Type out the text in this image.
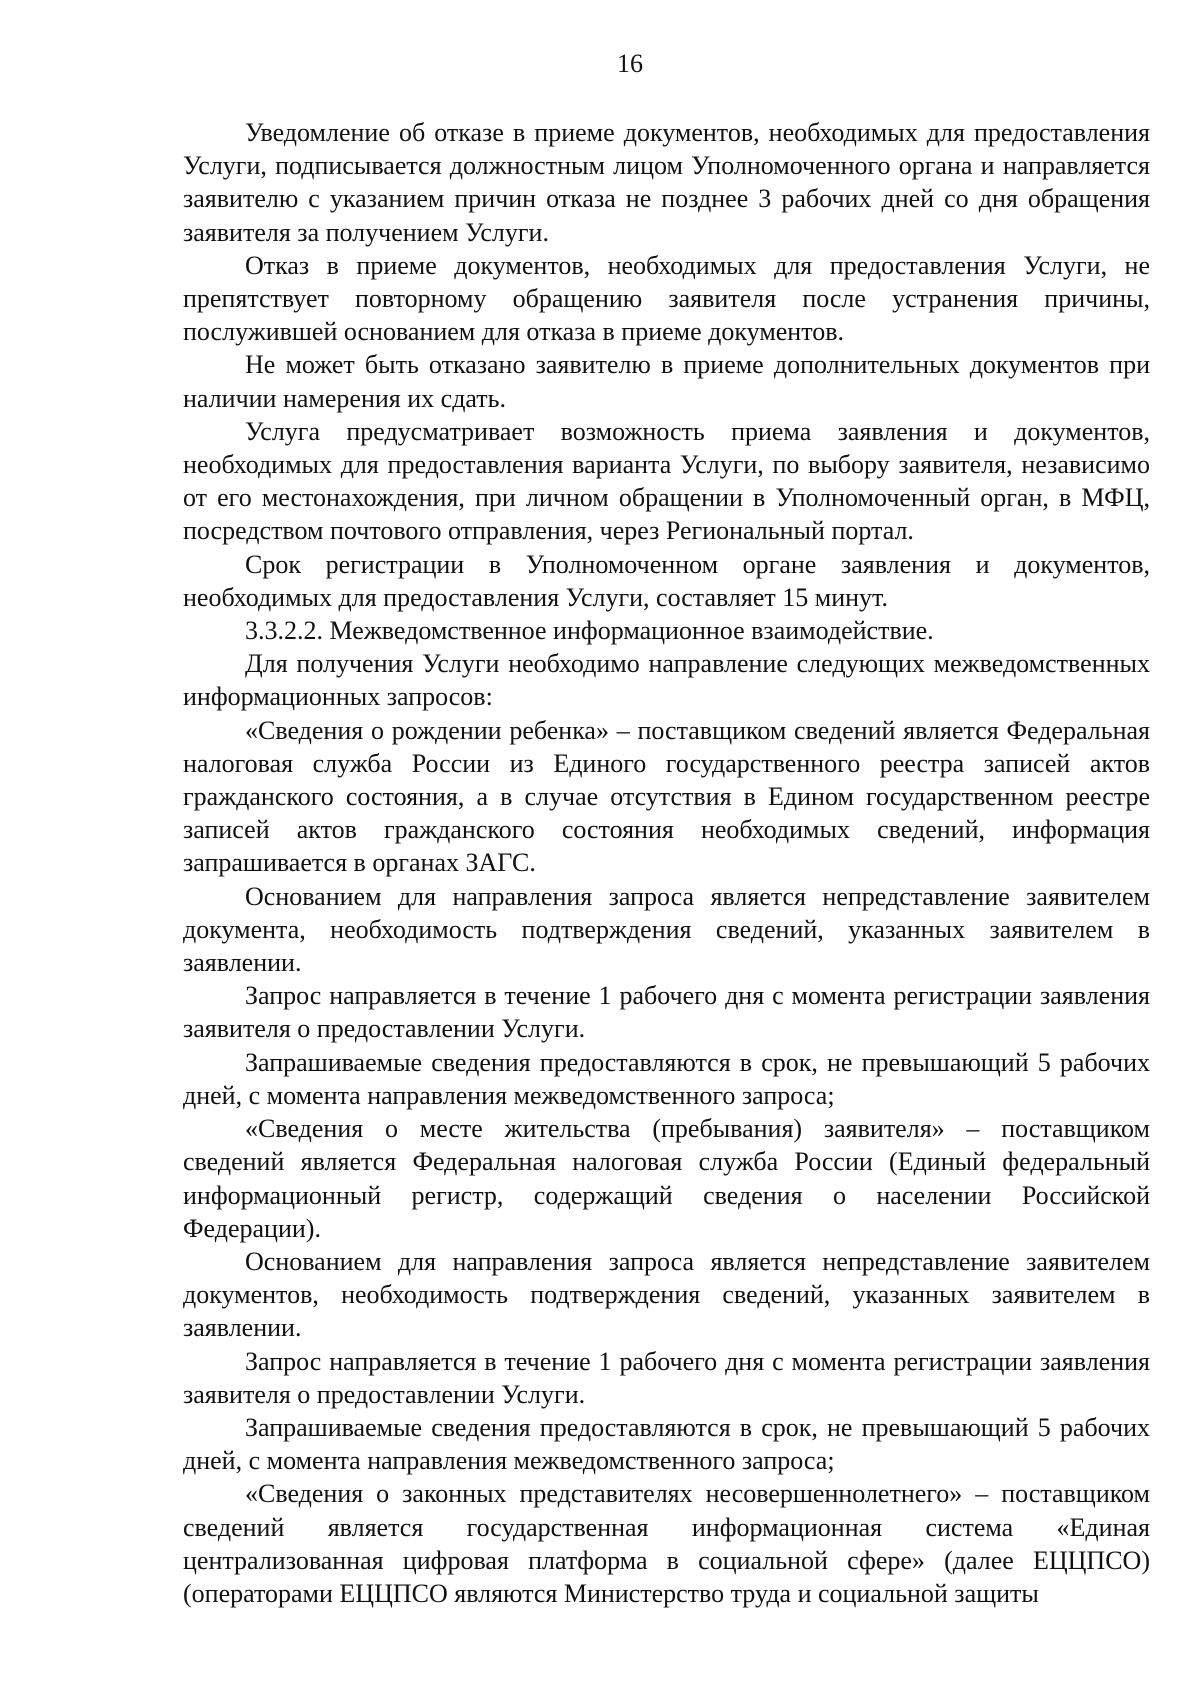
16

Уведомление об отказе в приеме документов, необходимых для предоставления Услуги, подписывается должностным лицом Уполномоченного органа и направляется заявителю с указанием причин отказа не позднее 3 рабочих дней со дня обращения заявителя за получением Услуги.

Отказ в приеме документов, необходимых для предоставления Услуги, не препятствует повторному обращению заявителя после устранения причины, послужившей основанием для отказа в приеме документов.

Не может быть отказано заявителю в приеме дополнительных документов при наличии намерения их сдать.

Услуга предусматривает возможность приема заявления и документов, необходимых для предоставления варианта Услуги, по выбору заявителя, независимо от его местонахождения, при личном обращении в Уполномоченный орган, в МФЦ, посредством почтового отправления, через Региональный портал.

Срок регистрации в Уполномоченном органе заявления и документов, необходимых для предоставления Услуги, составляет 15 минут.

3.3.2.2. Межведомственное информационное взаимодействие.

Для получения Услуги необходимо направление следующих межведомственных информационных запросов:

«Сведения о рождении ребенка» – поставщиком сведений является Федеральная налоговая служба России из Единого государственного реестра записей актов гражданского состояния, а в случае отсутствия в Едином государственном реестре записей актов гражданского состояния необходимых сведений, информация запрашивается в органах ЗАГС.

Основанием для направления запроса является непредставление заявителем документа, необходимость подтверждения сведений, указанных заявителем в заявлении.

Запрос направляется в течение 1 рабочего дня с момента регистрации заявления заявителя о предоставлении Услуги.

Запрашиваемые сведения предоставляются в срок, не превышающий 5 рабочих дней, с момента направления межведомственного запроса;

«Сведения о месте жительства (пребывания) заявителя» – поставщиком сведений является Федеральная налоговая служба России (Единый федеральный информационный регистр, содержащий сведения о населении Российской Федерации).

Основанием для направления запроса является непредставление заявителем документов, необходимость подтверждения сведений, указанных заявителем в заявлении.

Запрос направляется в течение 1 рабочего дня с момента регистрации заявления заявителя о предоставлении Услуги.

Запрашиваемые сведения предоставляются в срок, не превышающий 5 рабочих дней, с момента направления межведомственного запроса;

«Сведения о законных представителях несовершеннолетнего» – поставщиком сведений является государственная информационная система «Единая централизованная цифровая платформа в социальной сфере» (далее ЕЦЦПСО) (операторами ЕЦЦПСО являются Министерство труда и социальной защиты
